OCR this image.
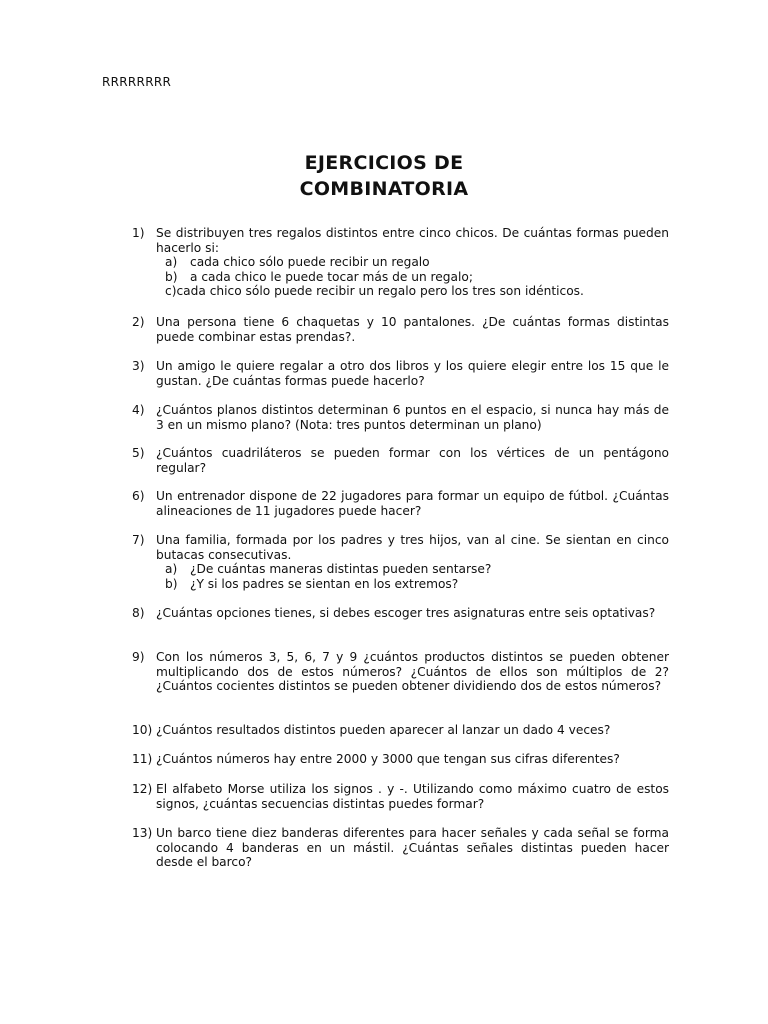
RRRRRRRR
EJERCICIOS DE
COMBINATORIA
1) Se distribuyen tres regalos distintos entre cinco chicos. De cuántas formas pueden hacerlo si:
a) cada chico sólo puede recibir un regalo
b) a cada chico le puede tocar más de un regalo;
c)cada chico sólo puede recibir un regalo pero los tres son idénticos.
2) Una persona tiene 6 chaquetas y 10 pantalones. ¿De cuántas formas distintas puede combinar estas prendas?.
3) Un amigo le quiere regalar a otro dos libros y los quiere elegir entre los 15 que le gustan. ¿De cuántas formas puede hacerlo?
4) ¿Cuántos planos distintos determinan 6 puntos en el espacio, si nunca hay más de 3 en un mismo plano? (Nota: tres puntos determinan un plano)
5) ¿Cuántos cuadriláteros se pueden formar con los vértices de un pentágono regular?
6) Un entrenador dispone de 22 jugadores para formar un equipo de fútbol. ¿Cuántas alineaciones de 11 jugadores puede hacer?
7) Una familia, formada por los padres y tres hijos, van al cine. Se sientan en cinco butacas consecutivas.
a) ¿De cuántas maneras distintas pueden sentarse?
b) ¿Y si los padres se sientan en los extremos?
8) ¿Cuántas opciones tienes, si debes escoger tres asignaturas entre seis optativas?
9) Con los números 3, 5, 6, 7 y 9 ¿cuántos productos distintos se pueden obtener multiplicando dos de estos números? ¿Cuántos de ellos son múltiplos de 2? ¿Cuántos cocientes distintos se pueden obtener dividiendo dos de estos números?
10) ¿Cuántos resultados distintos pueden aparecer al lanzar un dado 4 veces?
11) ¿Cuántos números hay entre 2000 y 3000 que tengan sus cifras diferentes?
12) El alfabeto Morse utiliza los signos . y -. Utilizando como máximo cuatro de estos signos, ¿cuántas secuencias distintas puedes formar?
13) Un barco tiene diez banderas diferentes para hacer señales y cada señal se forma colocando 4 banderas en un mástil. ¿Cuántas señales distintas pueden hacer desde el barco?
